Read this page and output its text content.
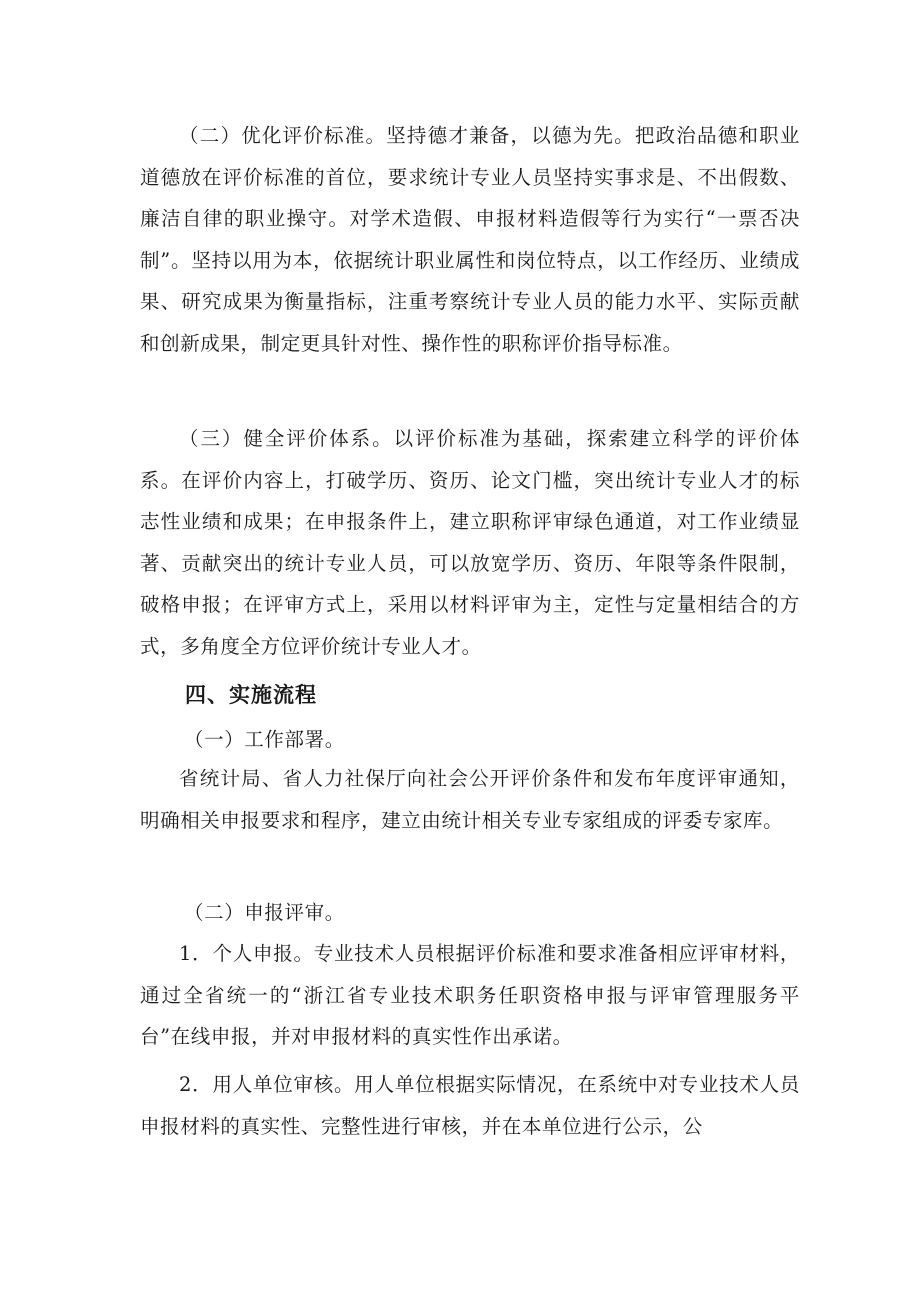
（二）优化评价标准。坚持德才兼备，以德为先。把政治品德和职业道德放在评价标准的首位，要求统计专业人员坚持实事求是、不出假数、廉洁自律的职业操守。对学术造假、申报材料造假等行为实行“一票否决制”。坚持以用为本，依据统计职业属性和岗位特点，以工作经历、业绩成果、研究成果为衡量指标，注重考察统计专业人员的能力水平、实际贡献和创新成果，制定更具针对性、操作性的职称评价指导标准。

（三）健全评价体系。以评价标准为基础，探索建立科学的评价体系。在评价内容上，打破学历、资历、论文门槛，突出统计专业人才的标志性业绩和成果；在申报条件上，建立职称评审绿色通道，对工作业绩显著、贡献突出的统计专业人员，可以放宽学历、资历、年限等条件限制，破格申报；在评审方式上，采用以材料评审为主，定性与定量相结合的方式，多角度全方位评价统计专业人才。

四、实施流程

（一）工作部署。

省统计局、省人力社保厅向社会公开评价条件和发布年度评审通知，明确相关申报要求和程序，建立由统计相关专业专家组成的评委专家库。

（二）申报评审。

1．个人申报。专业技术人员根据评价标准和要求准备相应评审材料，通过全省统一的“浙江省专业技术职务任职资格申报与评审管理服务平台”在线申报，并对申报材料的真实性作出承诺。

2．用人单位审核。用人单位根据实际情况，在系统中对专业技术人员申报材料的真实性、完整性进行审核，并在本单位进行公示，公
